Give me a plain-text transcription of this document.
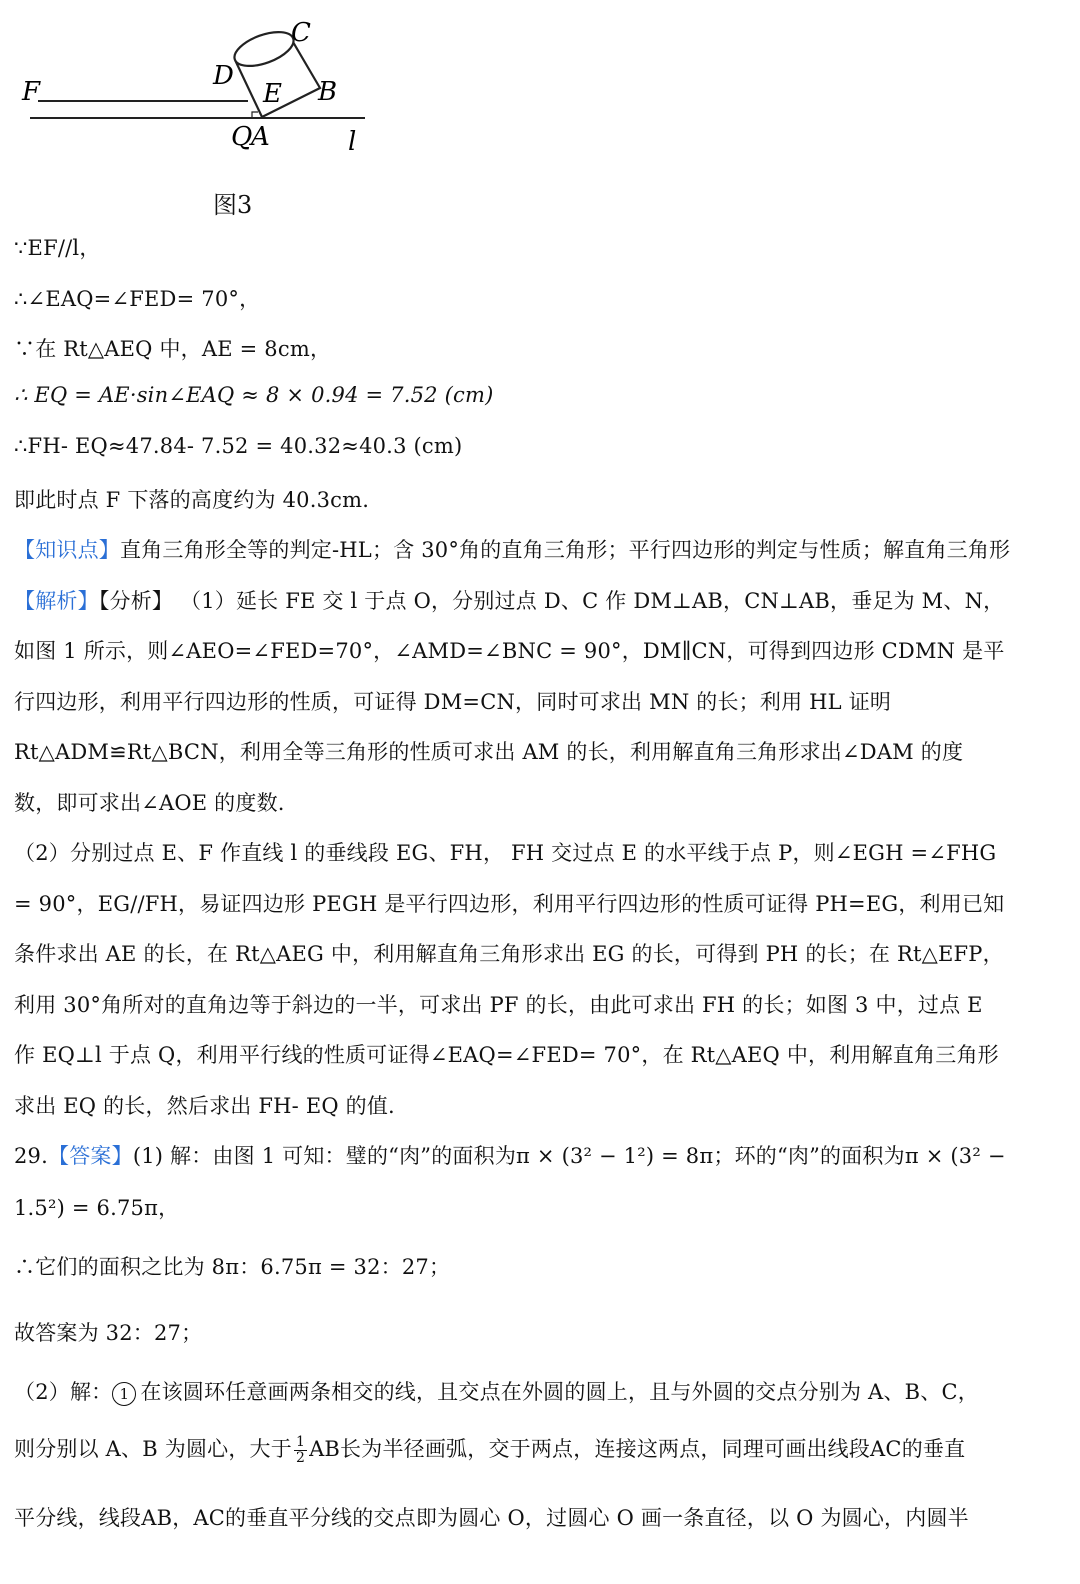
F
D
E
C
B
Q
A	l
图3
∵EF//l，
∴∠EAQ=∠FED= 70°，
∵在 Rt△AEQ 中，AE = 8cm，
∴ EQ = AE·sin∠EAQ ≈ 8 × 0.94 = 7.52 (cm)
∴FH- EQ≈47.84- 7.52 = 40.32≈40.3 (cm)
即此时点 F 下落的高度约为 40.3cm.
【知识点】直角三角形全等的判定-HL；含 30°角的直角三角形；平行四边形的判定与性质；解直角三角形
【解析】【分析】 （1）延长 FE 交 l 于点 O，分别过点 D、C 作 DM⊥AB，CN⊥AB，垂足为 M、N，
如图 1 所示，则∠AEO=∠FED=70°，∠AMD=∠BNC = 90°，DM∥CN，可得到四边形 CDMN 是平
行四边形，利用平行四边形的性质，可证得 DM=CN，同时可求出 MN 的长；利用 HL 证明
Rt△ADM≌Rt△BCN，利用全等三角形的性质可求出 AM 的长，利用解直角三角形求出∠DAM 的度
数，即可求出∠AOE 的度数.
（2）分别过点 E、F 作直线 l 的垂线段 EG、FH， FH 交过点 E 的水平线于点 P，则∠EGH =∠FHG
= 90°，EG//FH，易证四边形 PEGH 是平行四边形，利用平行四边形的性质可证得 PH=EG，利用已知
条件求出 AE 的长，在 Rt△AEG 中，利用解直角三角形求出 EG 的长，可得到 PH 的长；在 Rt△EFP，
利用 30°角所对的直角边等于斜边的一半，可求出 PF 的长，由此可求出 FH 的长；如图 3 中，过点 E
作 EQ⊥l 于点 Q，利用平行线的性质可证得∠EAQ=∠FED= 70°，在 Rt△AEQ 中，利用解直角三角形
求出 EQ 的长，然后求出 FH- EQ 的值.
29.【答案】(1) 解：由图 1 可知：璧的“肉”的面积为π × (3² − 1²) = 8π；环的“肉”的面积为π × (3² −
1.5²) = 6.75π，
∴它们的面积之比为 8π：6.75π = 32：27；
故答案为 32：27；
（2）解： 1 在该圆环任意画两条相交的线，且交点在外圆的圆上，且与外圆的交点分别为 A、B、C，
则分别以 A、B 为圆心，大于 $\frac{1}{2}$ AB长为半径画弧，交于两点，连接这两点，同理可画出线段AC的垂直
平分线，线段AB，AC的垂直平分线的交点即为圆心 O，过圆心 O 画一条直径，以 O 为圆心，内圆半
